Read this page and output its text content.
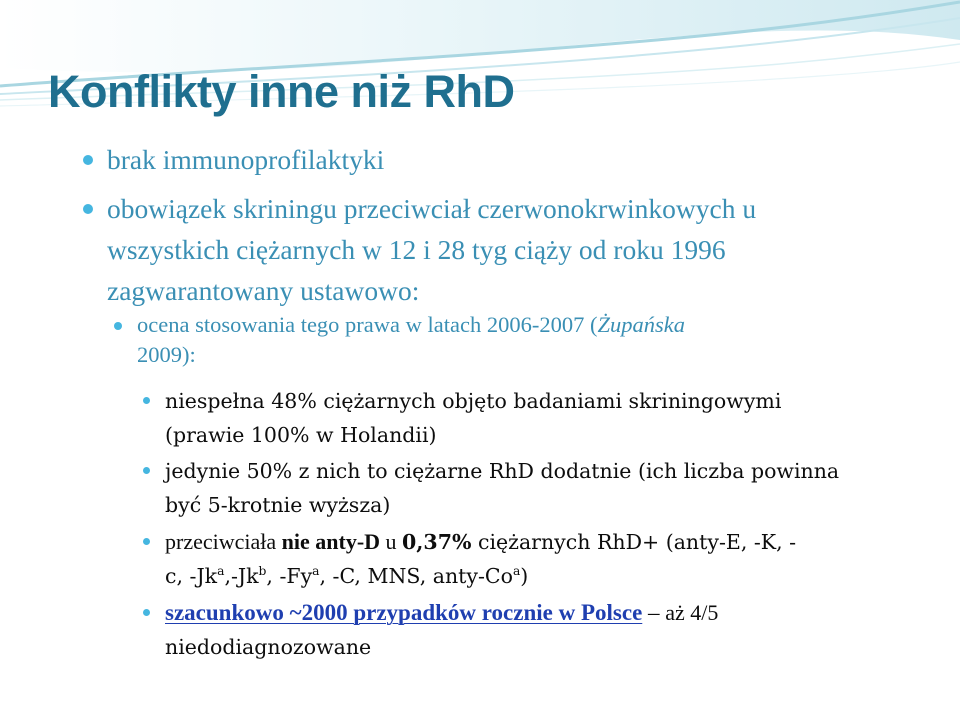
Konflikty inne niż RhD

brak immunoprofilaktyki

obowiązek skriningu przeciwciał czerwonokrwinkowych u
wszystkich ciężarnych w 12 i 28 tyg ciąży od roku 1996
zagwarantowany ustawowo:

ocena stosowania tego prawa w latach 2006-2007 (Żupańska
2009):

niespełna 48% ciężarnych objęto badaniami skriningowymi
(prawie 100% w Holandii)

jedynie 50% z nich to ciężarne RhD dodatnie (ich liczba powinna
być 5-krotnie wyższa)

przeciwciała nie anty-D u 0,37% ciężarnych RhD+ (anty-E, -K, -
c, -Jk$^a$,-Jk$^b$, -Fy$^a$, -C, MNS, anty-Co$^a$)

szacunkowo ~2000 przypadków rocznie w Polsce – aż 4/5
niedodiagnozowane
